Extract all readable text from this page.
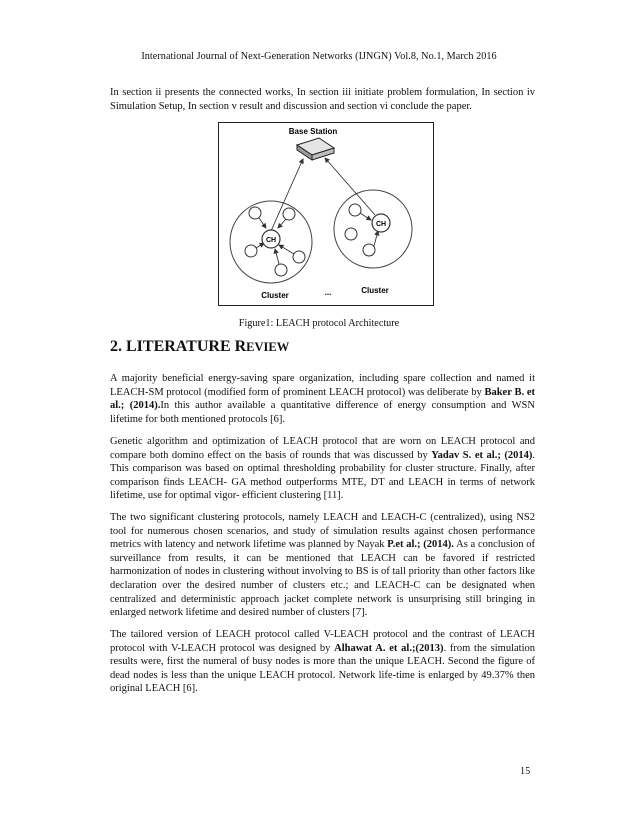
International Journal of Next-Generation Networks (IJNGN) Vol.8, No.1, March 2016
In section ii presents the connected works, In section iii initiate problem formulation, In section iv Simulation Setup, In section v result and discussion and section vi conclude the paper.
Base Station
CH
CH
Cluster	...	Cluster
Figure1: LEACH protocol Architecture
2. LITERATURE REVIEW
A majority beneficial energy-saving spare organization, including spare collection and named it LEACH-SM protocol (modified form of prominent LEACH protocol) was deliberate by Baker B. et al.; (2014).In this author available a quantitative difference of energy consumption and WSN lifetime for both mentioned protocols [6].
Genetic algorithm and optimization of LEACH protocol that are worn on LEACH protocol and compare both domino effect on the basis of rounds that was discussed by Yadav S. et al.; (2014). This comparison was based on optimal thresholding probability for cluster structure. Finally, after comparison finds LEACH- GA method outperforms MTE, DT and LEACH in terms of network lifetime, use for optimal vigor- efficient clustering [11].
The two significant clustering protocols, namely LEACH and LEACH-C (centralized), using NS2 tool for numerous chosen scenarios, and study of simulation results against chosen performance metrics with latency and network lifetime was planned by Nayak P.et al.; (2014). As a conclusion of surveillance from results, it can be mentioned that LEACH can be favored if restricted harmonization of nodes in clustering without involving to BS is of tall priority than other factors like declaration over the desired number of clusters etc.; and LEACH-C can be designated when centralized and deterministic approach jacket complete network is unsurprising still bringing in enlarged network lifetime and desired number of clusters [7].
The tailored version of LEACH protocol called V-LEACH protocol and the contrast of LEACH protocol with V-LEACH protocol was designed by Alhawat A. et al.;(2013). from the simulation results were, first the numeral of busy nodes is more than the unique LEACH. Second the figure of dead nodes is less than the unique LEACH protocol. Network life-time is enlarged by 49.37% then original LEACH [6].
15
